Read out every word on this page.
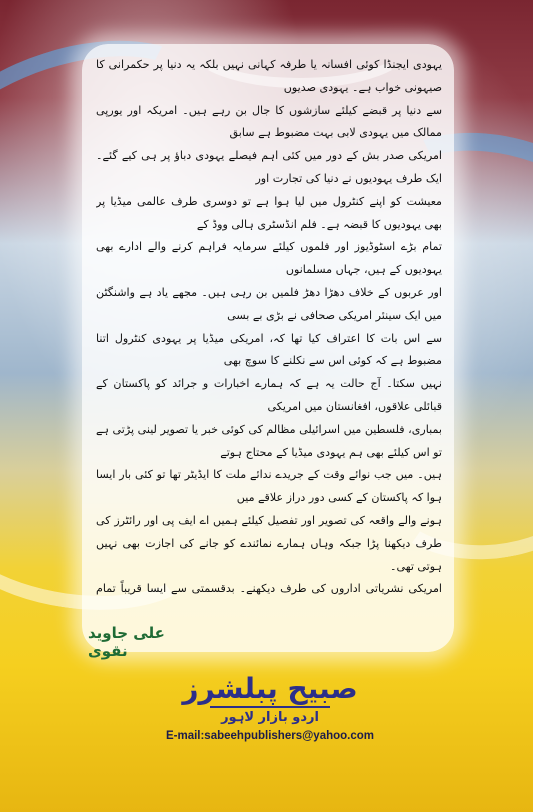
یہودی ایجنڈا کوئی افسانہ یا طرفہ کہانی نہیں بلکہ یہ دنیا پر حکمرانی کا صیہونی خواب ہے۔ یہودی صدیوں

سے دنیا پر قبضے کیلئے سازشوں کا جال بن رہے ہیں۔ امریکہ اور یورپی ممالک میں یہودی لابی بہت مضبوط ہے سابق

امریکی صدر بش کے دور میں کئی اہم فیصلے یہودی دباؤ پر ہی کیے گئے۔ ایک طرف یہودیوں نے دنیا کی تجارت اور

معیشت کو اپنے کنٹرول میں لیا ہوا ہے تو دوسری طرف عالمی میڈیا پر بھی یہودیوں کا قبضہ ہے۔ فلم انڈسٹری ہالی ووڈ کے

تمام بڑے اسٹوڈیوز اور فلموں کیلئے سرمایہ فراہم کرنے والے ادارے بھی یہودیوں کے ہیں، جہاں مسلمانوں

اور عربوں کے خلاف دھڑا دھڑ فلمیں بن رہی ہیں۔ مجھے یاد ہے واشنگٹن میں ایک سینئر امریکی صحافی نے بڑی بے بسی

سے اس بات کا اعتراف کیا تھا کہ، امریکی میڈیا پر یہودی کنٹرول اتنا مضبوط ہے کہ کوئی اس سے نکلنے کا سوچ بھی

نہیں سکتا۔ آج حالت یہ ہے کہ ہمارے اخبارات و جرائد کو پاکستان کے قبائلی علاقوں، افغانستان میں امریکی

بمباری، فلسطین میں اسرائیلی مظالم کی کوئی خبر یا تصویر لینی پڑتی ہے تو اس کیلئے بھی ہم یہودی میڈیا کے محتاج ہوتے

ہیں۔ میں جب نوائے وقت کے جریدے ندائے ملت کا ایڈیٹر تھا تو کئی بار ایسا ہوا کہ پاکستان کے کسی دور دراز علاقے میں

ہونے والے واقعہ کی تصویر اور تفصیل کیلئے ہمیں اے ایف پی اور رائٹرز کی طرف دیکھنا پڑا جبکہ وہاں ہمارے نمائندے کو جانے کی اجازت بھی نہیں ہوتی تھی۔

امریکی نشریاتی اداروں کی طرف دیکھنے۔ بدقسمتی سے ایسا قریباً تمام

علی جاوید نقوی
صبیح پبلشرز
اردو بازار لاہور
E-mail:sabeehpublishers@yahoo.com
